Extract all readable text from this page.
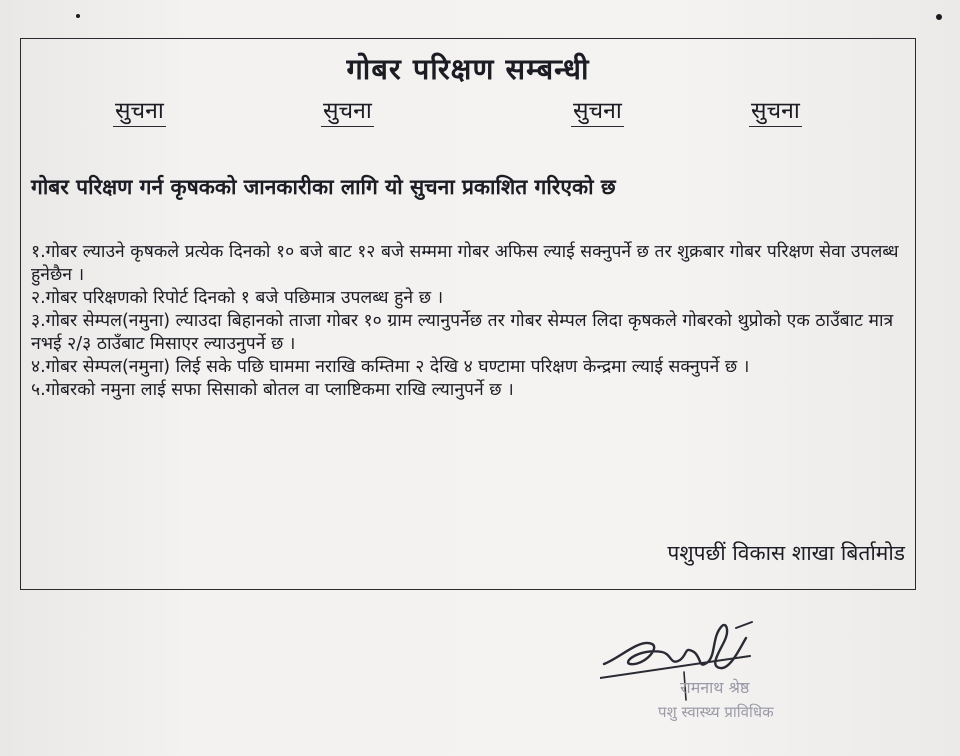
गोबर परिक्षण सम्बन्धी
सुचना	सुचना	सुचना	सुचना
गोबर परिक्षण गर्न कृषकको जानकारीका लागि यो सुचना प्रकाशित गरिएको छ

१.गोबर ल्याउने कृषकले प्रत्येक दिनको १० बजे बाट १२ बजे सम्ममा गोबर अफिस ल्याई सक्नुपर्ने छ तर शुक्रबार गोबर परिक्षण सेवा उपलब्ध हुनेछैन ।

२.गोबर परिक्षणको रिपोर्ट दिनको १ बजे पछिमात्र उपलब्ध हुने छ ।

३.गोबर सेम्पल(नमुना) ल्याउदा बिहानको ताजा गोबर १० ग्राम ल्यानुपर्नेछ तर गोबर सेम्पल लिदा कृषकले गोबरको थुप्रोको एक ठाउँबाट मात्र नभई २/३ ठाउँबाट मिसाएर ल्याउनुपर्ने छ ।

४.गोबर सेम्पल(नमुना) लिई सके पछि घाममा नराखि कम्तिमा २ देखि ४ घण्टामा परिक्षण केन्द्रमा ल्याई सक्नुपर्ने छ ।

५.गोबरको नमुना लाई सफा सिसाको बोतल वा प्लाष्टिकमा राखि ल्यानुपर्ने छ ।

पशुपछीं विकास शाखा बिर्तामोड
रामनाथ श्रेष्ठ
पशु स्वास्थ्य प्राविधिक
